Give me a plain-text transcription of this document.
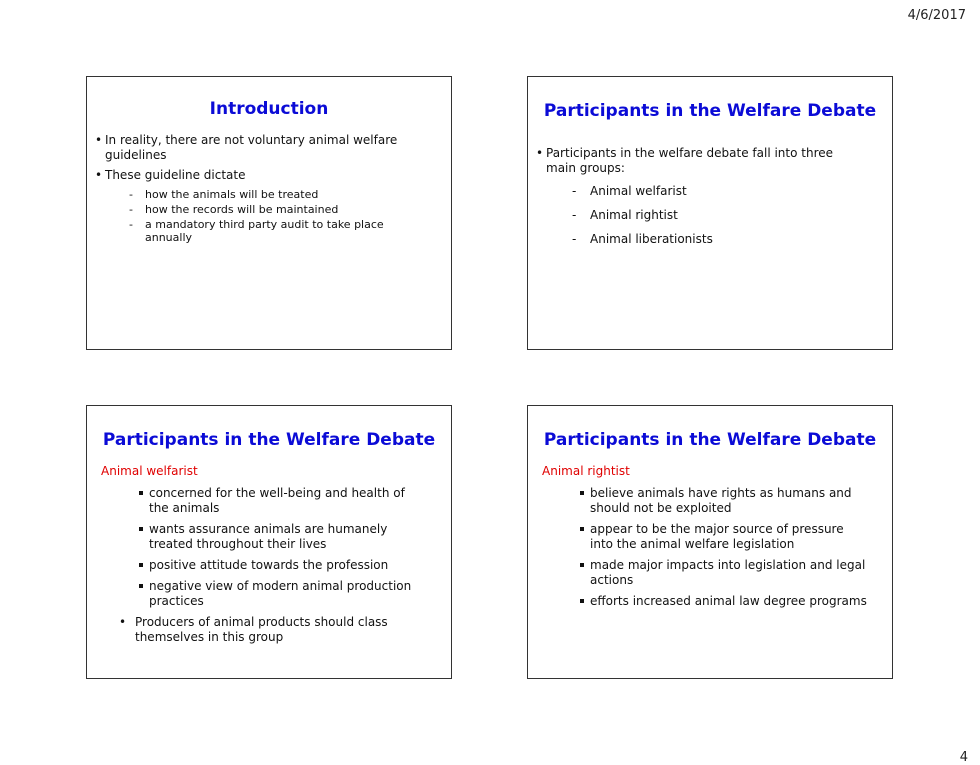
4/6/2017
Introduction
• In reality, there are not voluntary animal welfare guidelines
• These guideline dictate
- how the animals will be treated
- how the records will be maintained
- a mandatory third party audit to take place annually
Participants in the Welfare Debate
• Participants in the welfare debate fall into three main groups:
- Animal welfarist
- Animal rightist
- Animal liberationists
Participants in the Welfare Debate
Animal welfarist
concerned for the well-being and health of the animals
wants assurance animals are humanely treated throughout their lives
positive attitude towards the profession
negative view of modern animal production practices
• Producers of animal products should class themselves in this group
Participants in the Welfare Debate
Animal rightist
believe animals have rights as humans and should not be exploited
appear to be the major source of pressure into the animal welfare legislation
made major impacts into legislation and legal actions
efforts increased animal law degree programs
4
